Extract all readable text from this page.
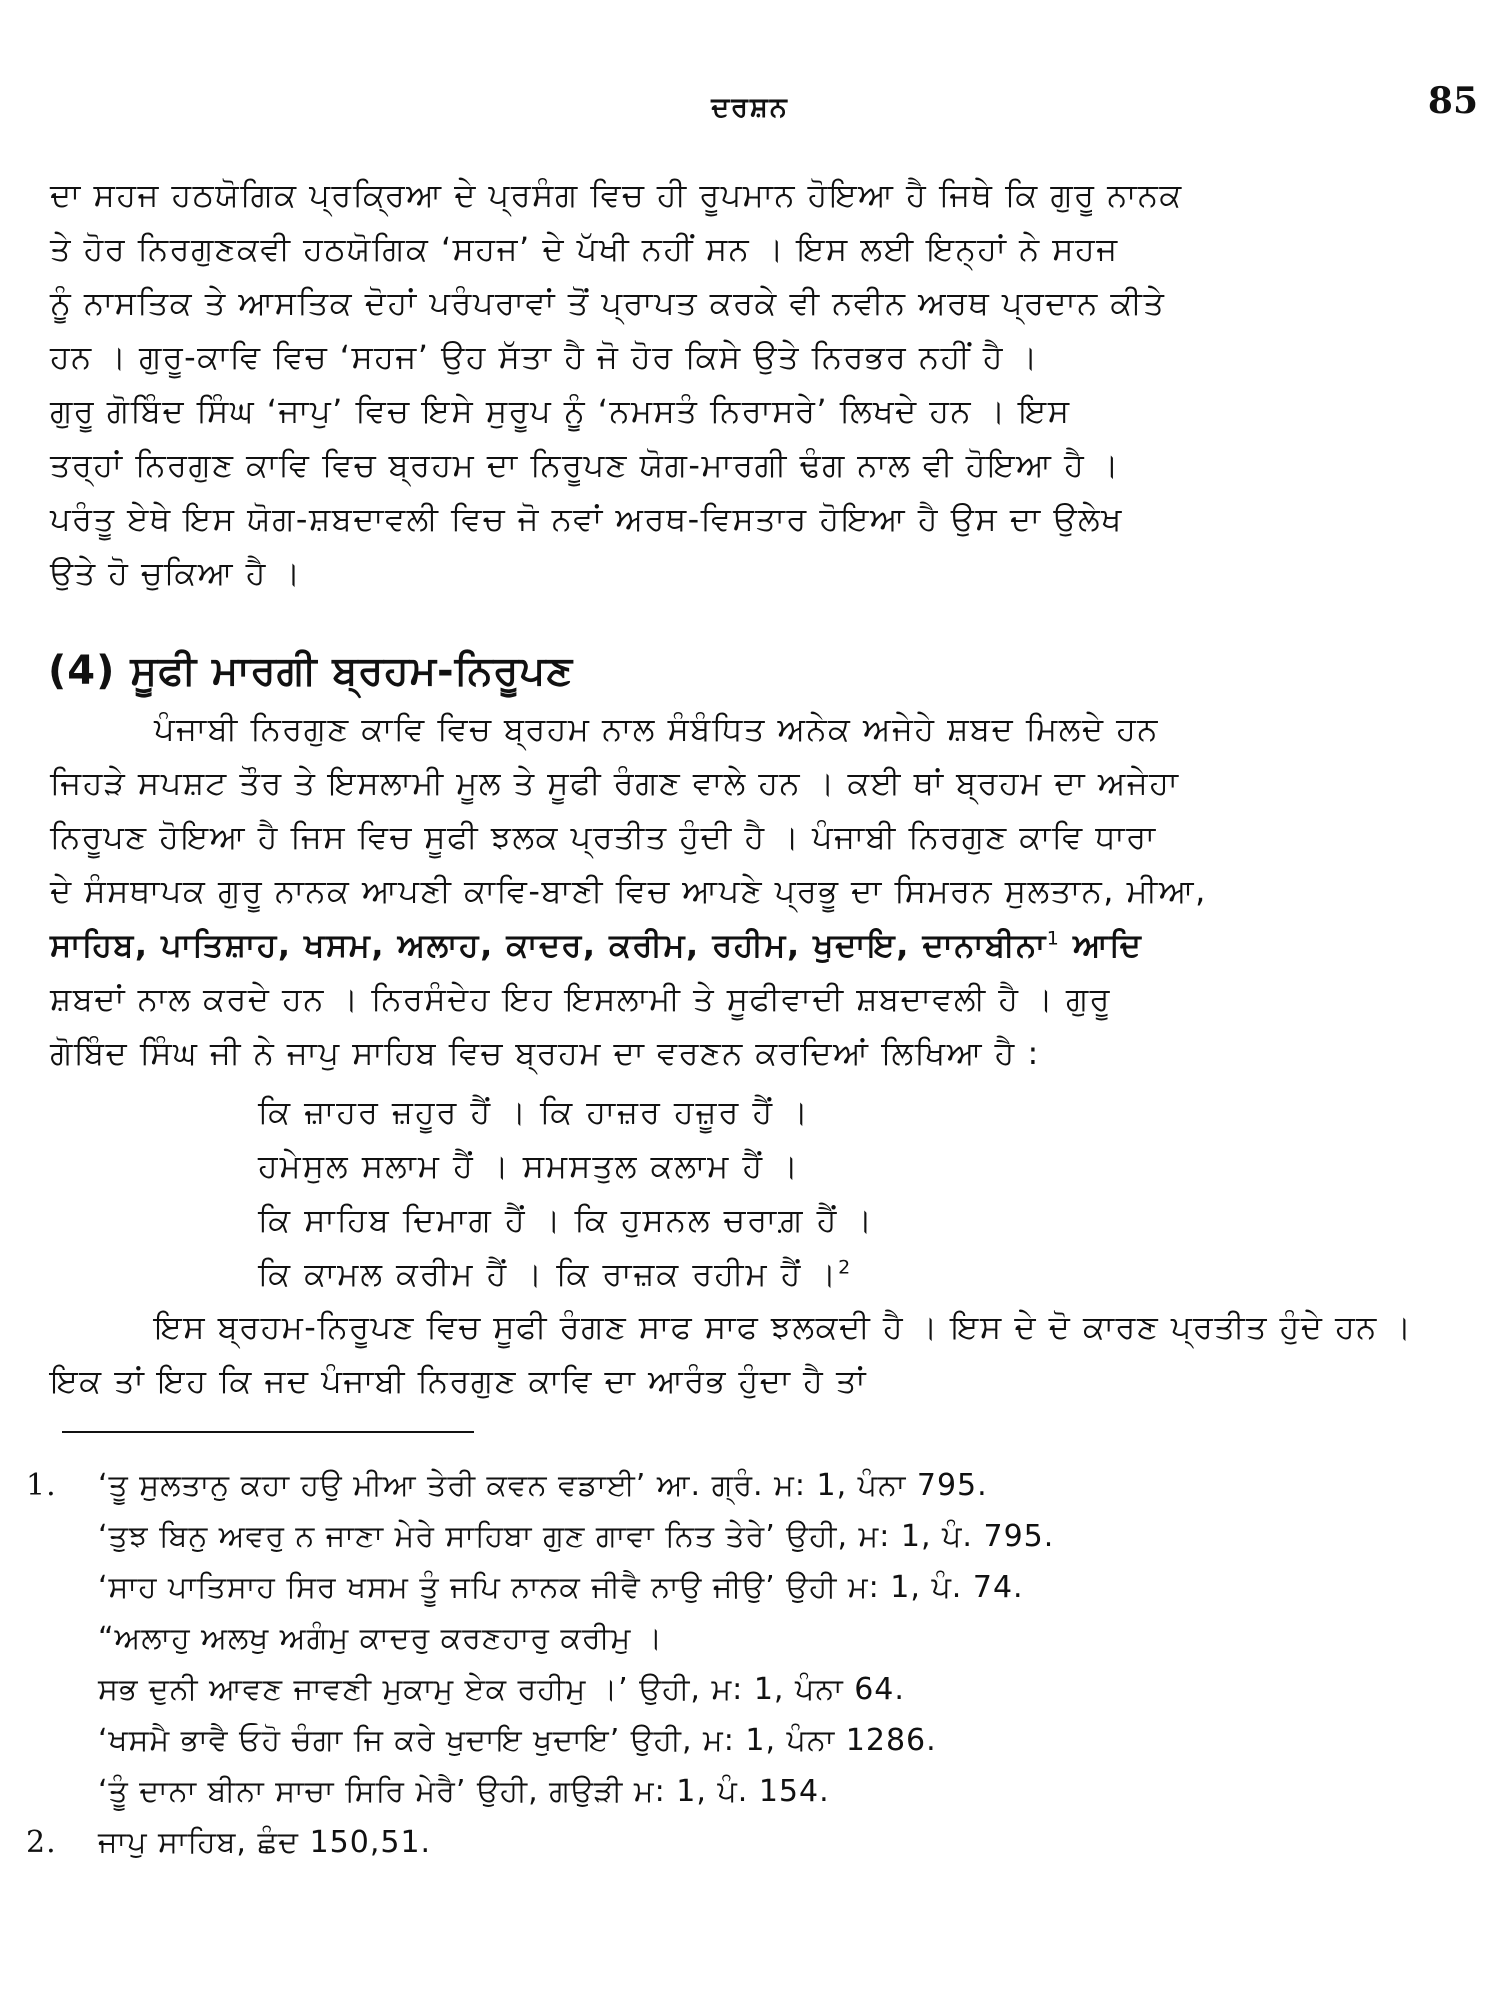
ਦਰਸ਼ਨ	85
ਦਾ ਸਹਜ ਹਠਯੋਗਿਕ ਪ੍ਰਕ੍ਰਿਆ ਦੇ ਪ੍ਰਸੰਗ ਵਿਚ ਹੀ ਰੂਪਮਾਨ ਹੋਇਆ ਹੈ ਜਿਥੇ ਕਿ ਗੁਰੂ ਨਾਨਕ
ਤੇ ਹੋਰ ਨਿਰਗੁਣਕਵੀ ਹਠਯੋਗਿਕ ‘ਸਹਜ’ ਦੇ ਪੱਖੀ ਨਹੀਂ ਸਨ । ਇਸ ਲਈ ਇਨ੍ਹਾਂ ਨੇ ਸਹਜ
ਨੂੰ ਨਾਸਤਿਕ ਤੇ ਆਸਤਿਕ ਦੋਹਾਂ ਪਰੰਪਰਾਵਾਂ ਤੋਂ ਪ੍ਰਾਪਤ ਕਰਕੇ ਵੀ ਨਵੀਨ ਅਰਥ ਪ੍ਰਦਾਨ ਕੀਤੇ
ਹਨ । ਗੁਰੂ-ਕਾਵਿ ਵਿਚ ‘ਸਹਜ’ ਉਹ ਸੱਤਾ ਹੈ ਜੋ ਹੋਰ ਕਿਸੇ ਉਤੇ ਨਿਰਭਰ ਨਹੀਂ ਹੈ ।
ਗੁਰੂ ਗੋਬਿੰਦ ਸਿੰਘ ‘ਜਾਪੁ’ ਵਿਚ ਇਸੇ ਸੁਰੂਪ ਨੂੰ ‘ਨਮਸਤੰ ਨਿਰਾਸਰੇ’ ਲਿਖਦੇ ਹਨ । ਇਸ
ਤਰ੍ਹਾਂ ਨਿਰਗੁਣ ਕਾਵਿ ਵਿਚ ਬ੍ਰਹਮ ਦਾ ਨਿਰੂਪਣ ਯੋਗ-ਮਾਰਗੀ ਢੰਗ ਨਾਲ ਵੀ ਹੋਇਆ ਹੈ ।
ਪਰੰਤੂ ਏਥੇ ਇਸ ਯੋਗ-ਸ਼ਬਦਾਵਲੀ ਵਿਚ ਜੋ ਨਵਾਂ ਅਰਥ-ਵਿਸਤਾਰ ਹੋਇਆ ਹੈ ਉਸ ਦਾ ਉਲੇਖ
ਉਤੇ ਹੋ ਚੁਕਿਆ ਹੈ ।
(4) ਸੂਫੀ ਮਾਰਗੀ ਬ੍ਰਹਮ-ਨਿਰੂਪਣ
ਪੰਜਾਬੀ ਨਿਰਗੁਣ ਕਾਵਿ ਵਿਚ ਬ੍ਰਹਮ ਨਾਲ ਸੰਬੰਧਿਤ ਅਨੇਕ ਅਜੇਹੇ ਸ਼ਬਦ ਮਿਲਦੇ ਹਨ
ਜਿਹੜੇ ਸਪਸ਼ਟ ਤੌਰ ਤੇ ਇਸਲਾਮੀ ਮੂਲ ਤੇ ਸੂਫੀ ਰੰਗਣ ਵਾਲੇ ਹਨ । ਕਈ ਥਾਂ ਬ੍ਰਹਮ ਦਾ ਅਜੇਹਾ
ਨਿਰੂਪਣ ਹੋਇਆ ਹੈ ਜਿਸ ਵਿਚ ਸੂਫੀ ਝਲਕ ਪ੍ਰਤੀਤ ਹੁੰਦੀ ਹੈ । ਪੰਜਾਬੀ ਨਿਰਗੁਣ ਕਾਵਿ ਧਾਰਾ
ਦੇ ਸੰਸਥਾਪਕ ਗੁਰੂ ਨਾਨਕ ਆਪਣੀ ਕਾਵਿ-ਬਾਣੀ ਵਿਚ ਆਪਣੇ ਪ੍ਰਭੂ ਦਾ ਸਿਮਰਨ ਸੁਲਤਾਨ, ਮੀਆ,
ਸਾਹਿਬ, ਪਾਤਿਸ਼ਾਹ, ਖਸਮ, ਅਲਾਹ, ਕਾਦਰ, ਕਰੀਮ, ਰਹੀਮ, ਖੁਦਾਇ, ਦਾਨਾਬੀਨਾ$^1$ ਆਦਿ
ਸ਼ਬਦਾਂ ਨਾਲ ਕਰਦੇ ਹਨ । ਨਿਰਸੰਦੇਹ ਇਹ ਇਸਲਾਮੀ ਤੇ ਸੂਫੀਵਾਦੀ ਸ਼ਬਦਾਵਲੀ ਹੈ । ਗੁਰੂ
ਗੋਬਿੰਦ ਸਿੰਘ ਜੀ ਨੇ ਜਾਪੁ ਸਾਹਿਬ ਵਿਚ ਬ੍ਰਹਮ ਦਾ ਵਰਣਨ ਕਰਦਿਆਂ ਲਿਖਿਆ ਹੈ :
ਕਿ ਜ਼ਾਹਰ ਜ਼ਹੂਰ ਹੈਂ । ਕਿ ਹਾਜ਼ਰ ਹਜ਼ੂਰ ਹੈਂ ।
ਹਮੇਸੁਲ ਸਲਾਮ ਹੈਂ । ਸਮਸਤੁਲ ਕਲਾਮ ਹੈਂ ।
ਕਿ ਸਾਹਿਬ ਦਿਮਾਗ ਹੈਂ । ਕਿ ਹੁਸਨਲ ਚਰਾਗ਼ ਹੈਂ ।
ਕਿ ਕਾਮਲ ਕਰੀਮ ਹੈਂ । ਕਿ ਰਾਜ਼ਕ ਰਹੀਮ ਹੈਂ ।$^2$
ਇਸ ਬ੍ਰਹਮ-ਨਿਰੂਪਣ ਵਿਚ ਸੂਫੀ ਰੰਗਣ ਸਾਫ ਸਾਫ ਝਲਕਦੀ ਹੈ । ਇਸ ਦੇ ਦੋ ਕਾਰਣ ਪ੍ਰਤੀਤ ਹੁੰਦੇ ਹਨ । ਇਕ ਤਾਂ ਇਹ ਕਿ ਜਦ ਪੰਜਾਬੀ ਨਿਰਗੁਣ ਕਾਵਿ ਦਾ ਆਰੰਭ ਹੁੰਦਾ ਹੈ ਤਾਂ
1.	‘ਤੂ ਸੁਲਤਾਨੁ ਕਹਾ ਹਉ ਮੀਆ ਤੇਰੀ ਕਵਨ ਵਡਾਈ’ ਆ. ਗ੍ਰੰ. ਮ: 1, ਪੰਨਾ 795.
‘ਤੁਝ ਬਿਨੁ ਅਵਰੁ ਨ ਜਾਣਾ ਮੇਰੇ ਸਾਹਿਬਾ ਗੁਣ ਗਾਵਾ ਨਿਤ ਤੇਰੇ’ ਉਹੀ, ਮ: 1, ਪੰ. 795.
‘ਸਾਹ ਪਾਤਿਸਾਹ ਸਿਰ ਖਸਮ ਤੂੰ ਜਪਿ ਨਾਨਕ ਜੀਵੈ ਨਾਉ ਜੀਉ’ ਉਹੀ ਮ: 1, ਪੰ. 74.
“ਅਲਾਹੁ ਅਲਖੁ ਅਗੰਮੁ ਕਾਦਰੁ ਕਰਣਹਾਰੁ ਕਰੀਮੁ ।
ਸਭ ਦੁਨੀ ਆਵਣ ਜਾਵਣੀ ਮੁਕਾਮੁ ਏਕ ਰਹੀਮੁ ।’ ਉਹੀ, ਮ: 1, ਪੰਨਾ 64.
‘ਖਸਮੈ ਭਾਵੈ ਓਹੋ ਚੰਗਾ ਜਿ ਕਰੇ ਖੁਦਾਇ ਖੁਦਾਇ’ ਉਹੀ, ਮ: 1, ਪੰਨਾ 1286.
‘ਤੂੰ ਦਾਨਾ ਬੀਨਾ ਸਾਚਾ ਸਿਰਿ ਮੇਰੈ’ ਉਹੀ, ਗਉੜੀ ਮ: 1, ਪੰ. 154.
2.	ਜਾਪੁ ਸਾਹਿਬ, ਛੰਦ 150,51.
